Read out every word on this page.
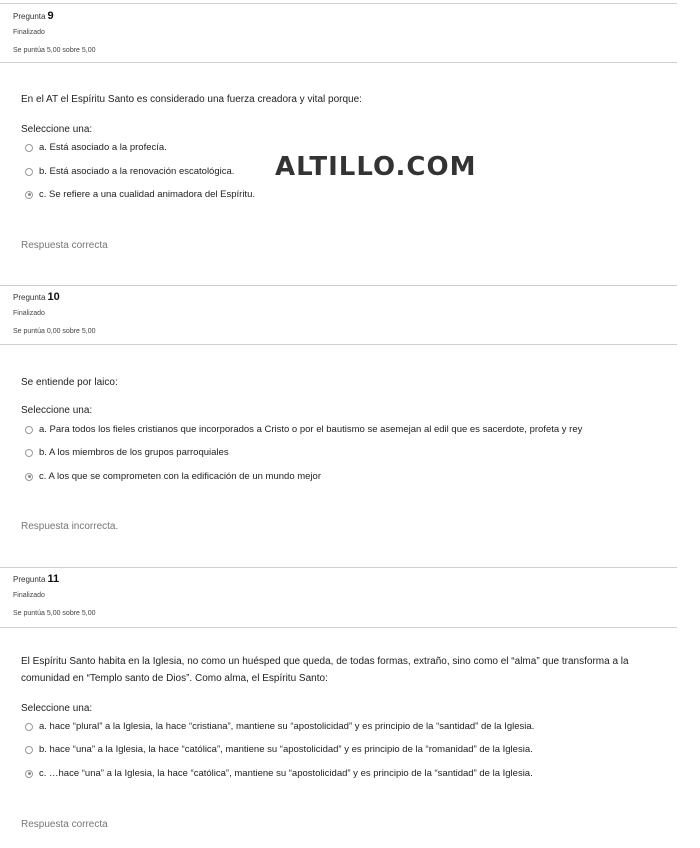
Pregunta 9
Finalizado
Se puntúa 5,00 sobre 5,00
En el AT el Espíritu Santo es considerado una fuerza creadora y vital porque:
Seleccione una:
a. Está asociado a la profecía.
b. Está asociado a la renovación escatológica.
c. Se refiere a una cualidad animadora del Espíritu.
Respuesta correcta
ALTILLO.COM
Pregunta 10
Finalizado
Se puntúa 0,00 sobre 5,00
Se entiende por laico:
Seleccione una:
a. Para todos los fieles cristianos que incorporados a Cristo o por el bautismo se asemejan al edil que es sacerdote, profeta y rey
b. A los miembros de los grupos parroquiales
c. A los que se comprometen con la edificación de un mundo mejor
Respuesta incorrecta.
Pregunta 11
Finalizado
Se puntúa 5,00 sobre 5,00
El Espíritu Santo habita en la Iglesia, no como un huésped que queda, de todas formas, extraño, sino como el “alma” que transforma a la comunidad en “Templo santo de Dios”. Como alma, el Espíritu Santo:
Seleccione una:
a. hace “plural” a la Iglesia, la hace “cristiana”, mantiene su “apostolicidad” y es principio de la “santidad” de la Iglesia.
b. hace “una” a la Iglesia, la hace “católica”, mantiene su “apostolicidad” y es principio de la “romanidad” de la Iglesia.
c. …hace “una” a la Iglesia, la hace “católica”, mantiene su “apostolicidad” y es principio de la “santidad” de la Iglesia.
Respuesta correcta
